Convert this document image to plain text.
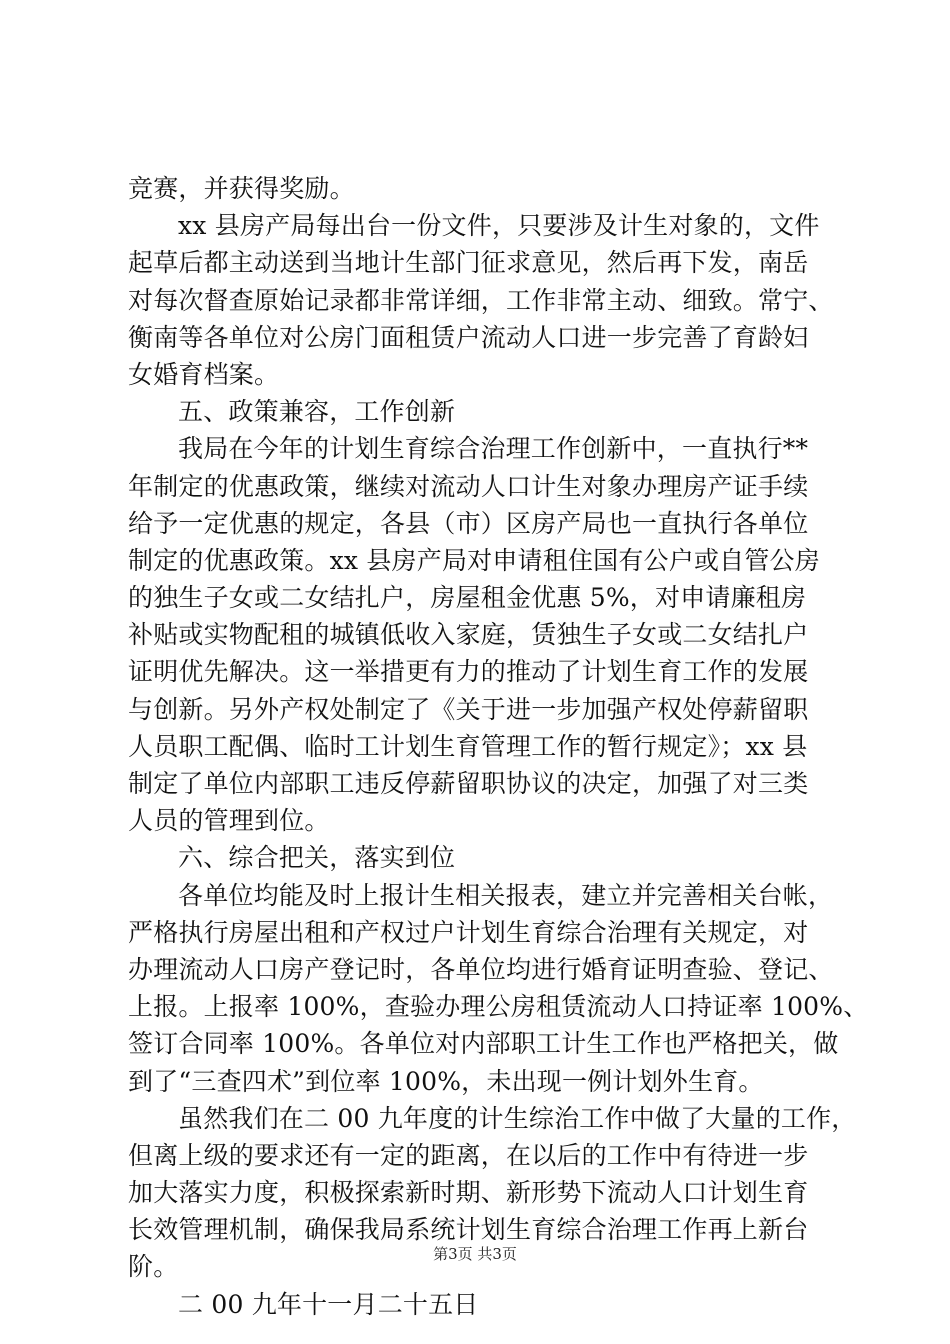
竞赛，并获得奖励。
xx 县房产局每出台一份文件，只要涉及计生对象的，文件
起草后都主动送到当地计生部门征求意见，然后再下发，南岳
对每次督查原始记录都非常详细，工作非常主动、细致。常宁、
衡南等各单位对公房门面租赁户流动人口进一步完善了育龄妇
女婚育档案。
五、政策兼容，工作创新
我局在今年的计划生育综合治理工作创新中，一直执行**
年制定的优惠政策，继续对流动人口计生对象办理房产证手续
给予一定优惠的规定，各县（市）区房产局也一直执行各单位
制定的优惠政策。xx 县房产局对申请租住国有公户或自管公房
的独生子女或二女结扎户，房屋租金优惠 5%，对申请廉租房
补贴或实物配租的城镇低收入家庭，赁独生子女或二女结扎户
证明优先解决。这一举措更有力的推动了计划生育工作的发展
与创新。另外产权处制定了《关于进一步加强产权处停薪留职
人员职工配偶、临时工计划生育管理工作的暂行规定》；xx 县
制定了单位内部职工违反停薪留职协议的决定，加强了对三类
人员的管理到位。
六、综合把关，落实到位
各单位均能及时上报计生相关报表，建立并完善相关台帐，
严格执行房屋出租和产权过户计划生育综合治理有关规定，对
办理流动人口房产登记时，各单位均进行婚育证明查验、登记、
上报。上报率 100%，查验办理公房租赁流动人口持证率 100%、
签订合同率 100%。各单位对内部职工计生工作也严格把关，做
到了“三查四术”到位率 100%，未出现一例计划外生育。
虽然我们在二 00 九年度的计生综治工作中做了大量的工作，
但离上级的要求还有一定的距离，在以后的工作中有待进一步
加大落实力度，积极探索新时期、新形势下流动人口计划生育
长效管理机制，确保我局系统计划生育综合治理工作再上新台
阶。
二 00 九年十一月二十五日
第3页 共3页
